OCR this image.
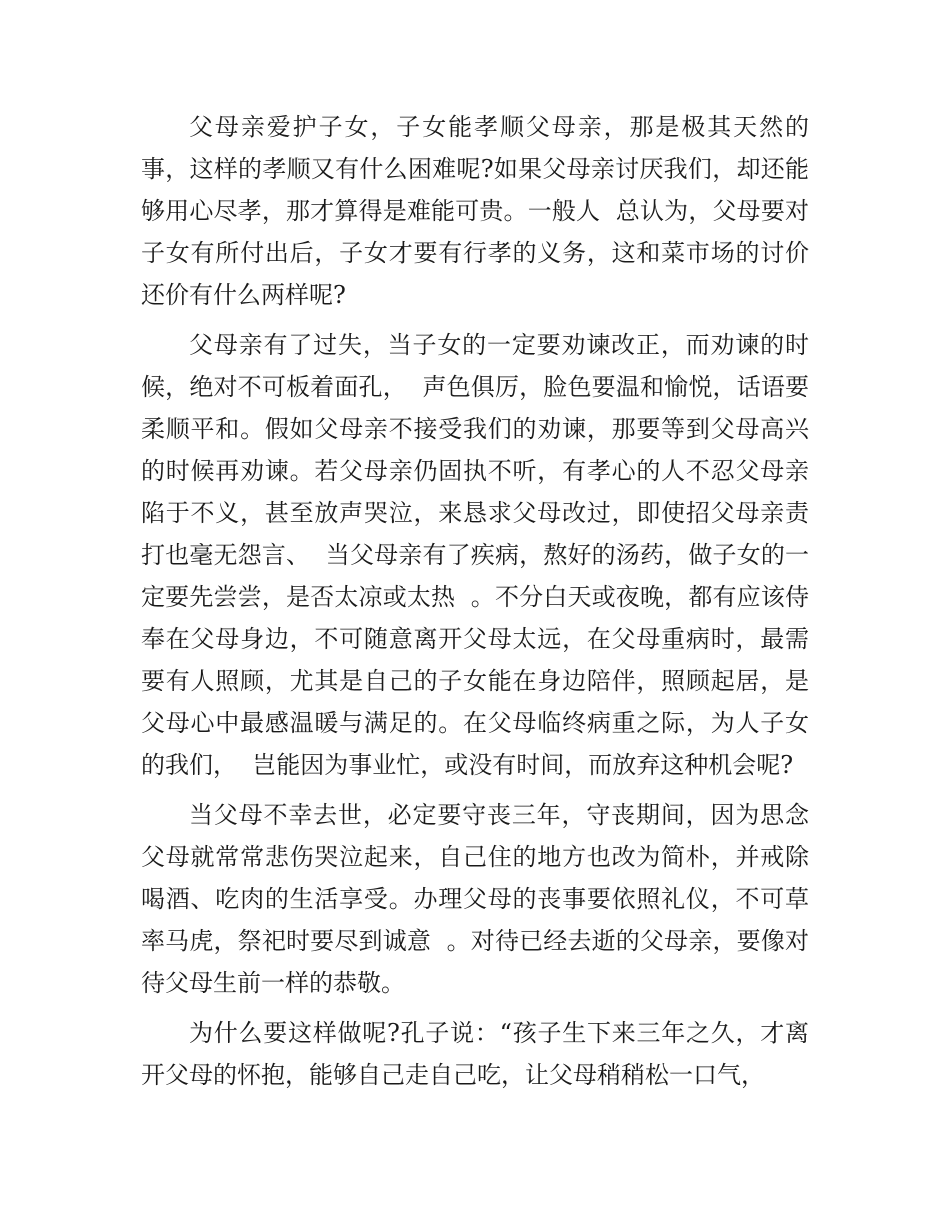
父母亲爱护子女，子女能孝顺父母亲，那是极其天然的事，这样的孝顺又有什么困难呢?如果父母亲讨厌我们，却还能够用心尽孝，那才算得是难能可贵。一般人  总认为，父母要对子女有所付出后，子女才要有行孝的义务，这和菜市场的讨价还价有什么两样呢?

父母亲有了过失，当子女的一定要劝谏改正，而劝谏的时候，绝对不可板着面孔，  声色俱厉，脸色要温和愉悦，话语要柔顺平和。假如父母亲不接受我们的劝谏，那要等到父母高兴的时候再劝谏。若父母亲仍固执不听，有孝心的人不忍父母亲  陷于不义，甚至放声哭泣，来恳求父母改过，即使招父母亲责打也毫无怨言、  当父母亲有了疾病，熬好的汤药，做子女的一定要先尝尝，是否太凉或太热  。不分白天或夜晚，都有应该侍奉在父母身边，不可随意离开父母太远，在父母重病时，最需要有人照顾，尤其是自己的子女能在身边陪伴，照顾起居，是父母心中最感温暖与满足的。在父母临终病重之际，为人子女的我们，  岂能因为事业忙，或没有时间，而放弃这种机会呢?

当父母不幸去世，必定要守丧三年，守丧期间，因为思念父母就常常悲伤哭泣起来，自己住的地方也改为简朴，并戒除喝酒、吃肉的生活享受。办理父母的丧事要依照礼仪，不可草率马虎，祭祀时要尽到诚意  。对待已经去逝的父母亲，要像对待父母生前一样的恭敬。

为什么要这样做呢?孔子说：“孩子生下来三年之久，才离开父母的怀抱，能够自己走自己吃，让父母稍稍松一口气，
